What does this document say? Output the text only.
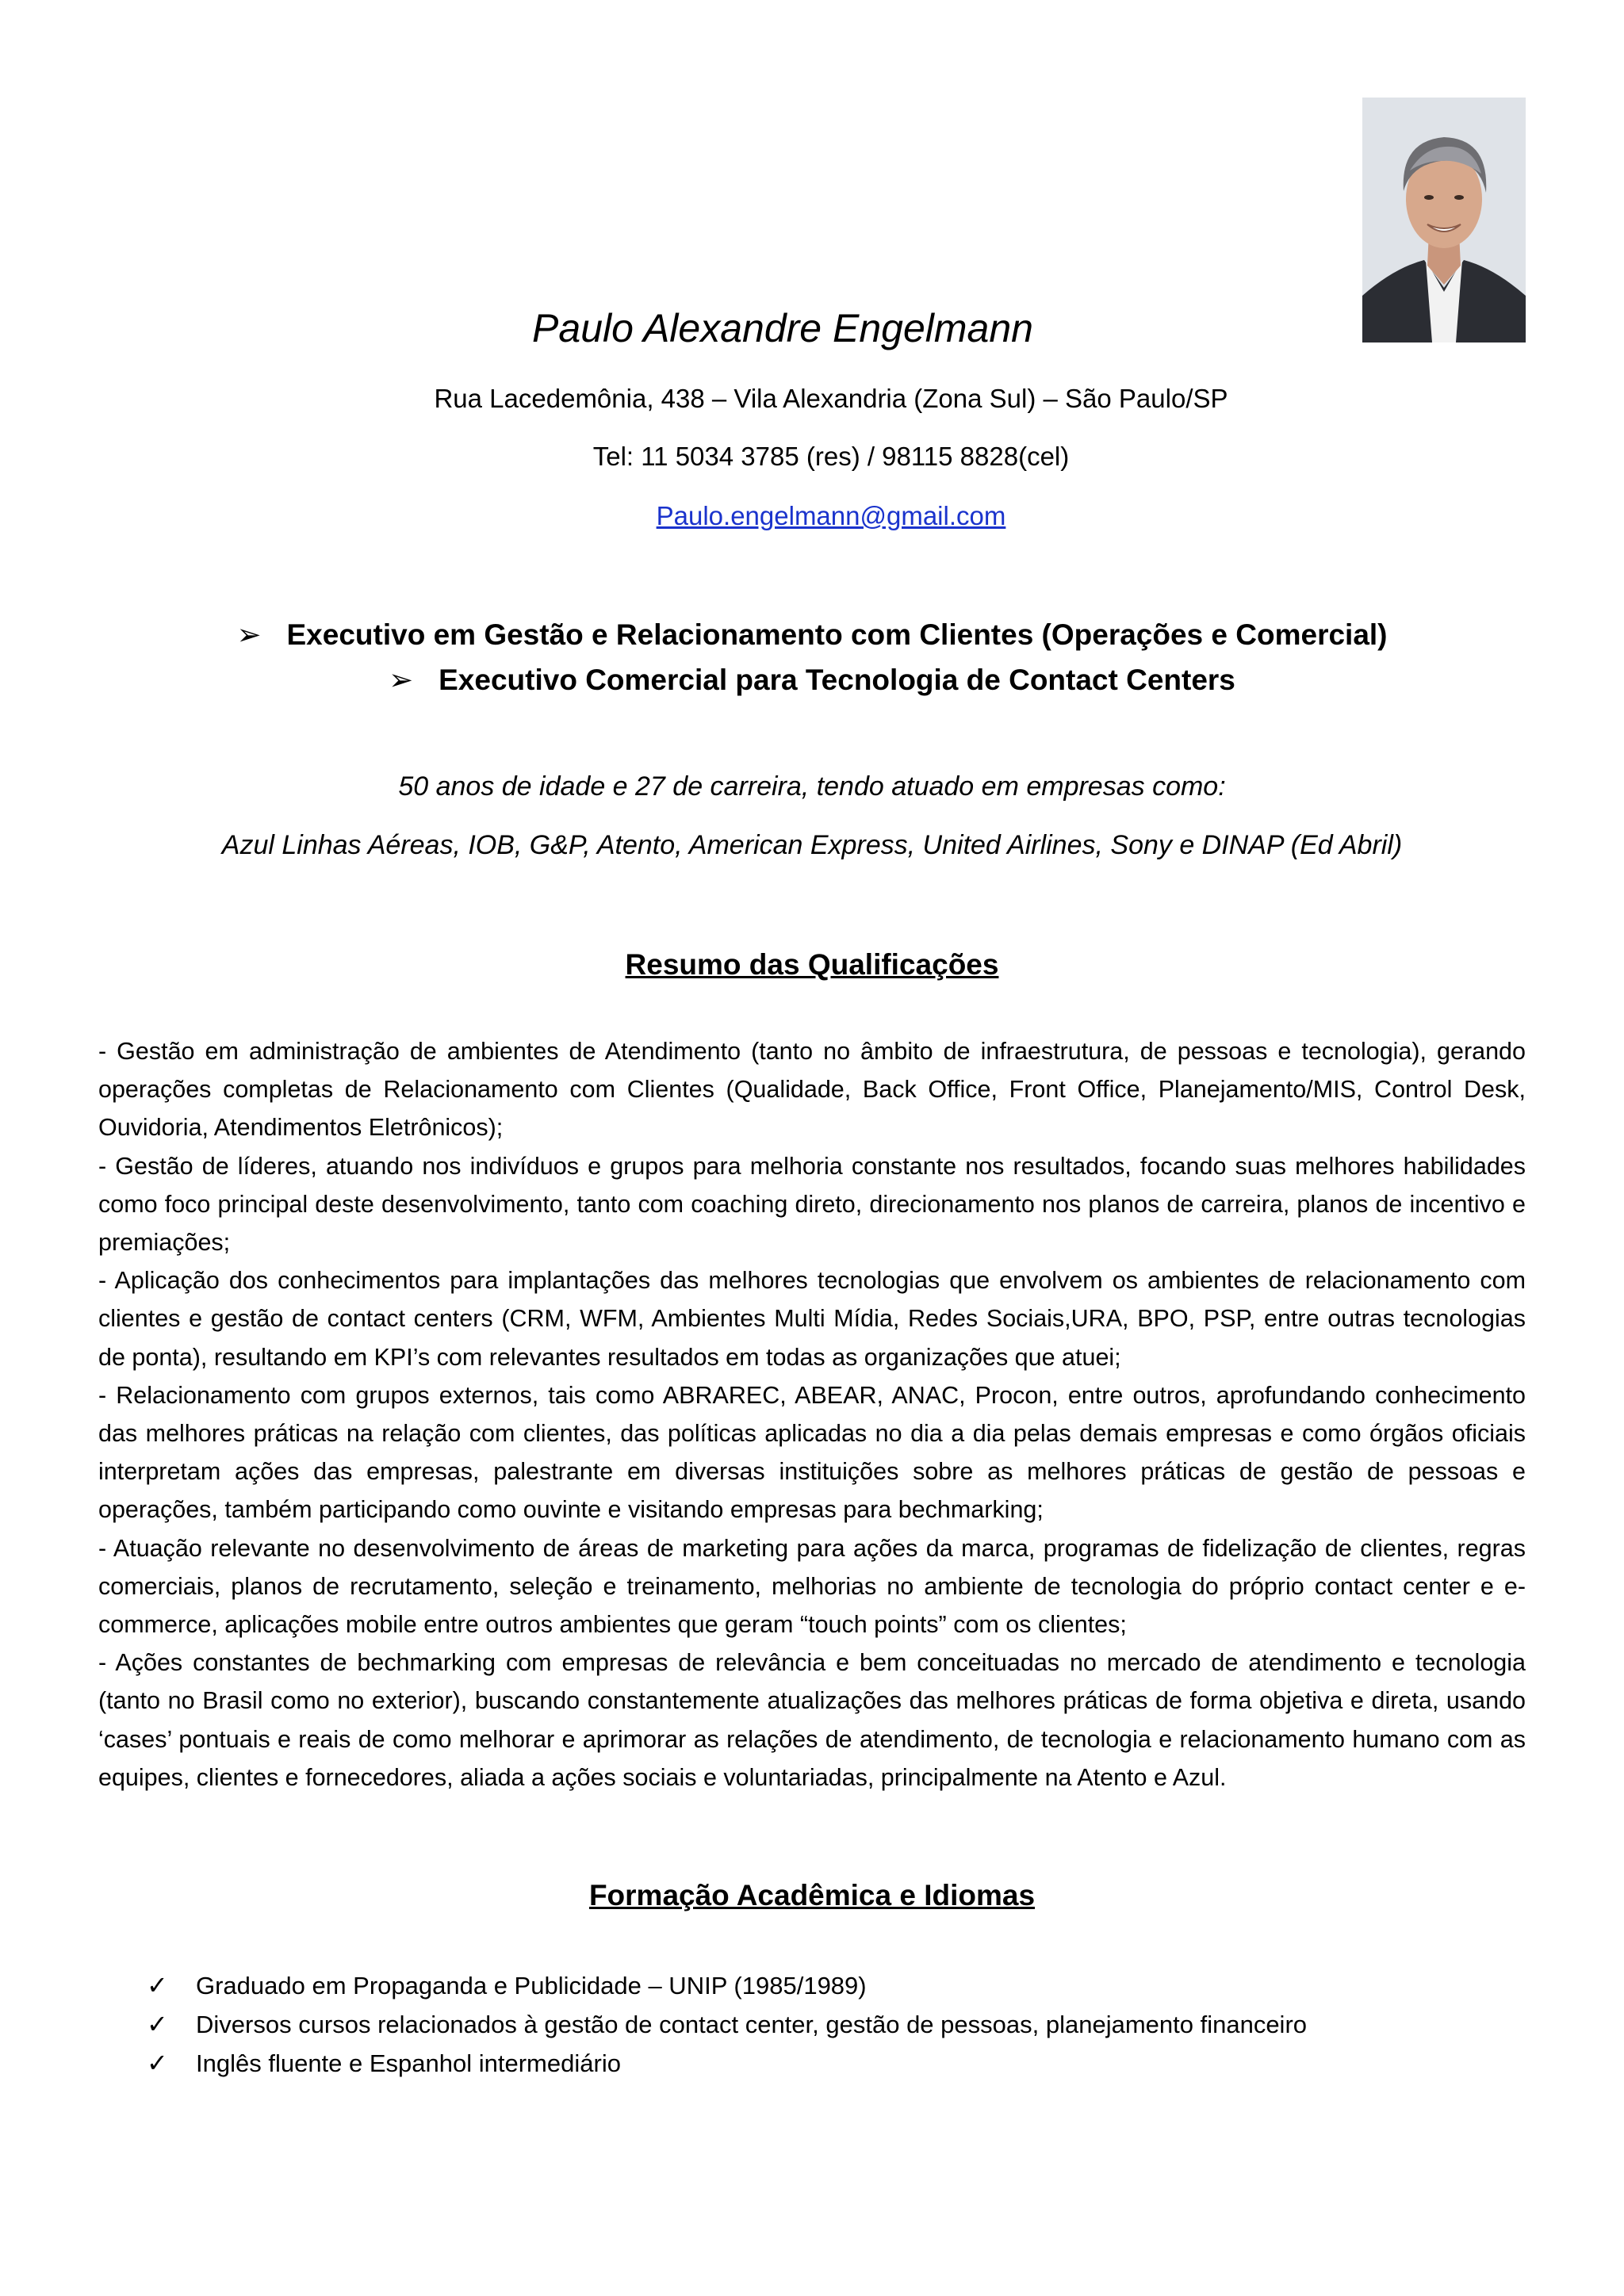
Paulo Alexandre Engelmann
Rua Lacedemônia, 438 – Vila Alexandria (Zona Sul) – São Paulo/SP
Tel: 11 5034 3785 (res) / 98115 8828(cel)
Paulo.engelmann@gmail.com
➢ Executivo em Gestão e Relacionamento com Clientes (Operações e Comercial)
➢ Executivo Comercial para Tecnologia de Contact Centers
50 anos de idade e 27 de carreira, tendo atuado em empresas como:
Azul Linhas Aéreas, IOB, G&P, Atento, American Express, United Airlines, Sony e DINAP (Ed Abril)
Resumo das Qualificações

- Gestão em administração de ambientes de Atendimento (tanto no âmbito de infraestrutura, de pessoas e tecnologia), gerando operações completas de Relacionamento com Clientes (Qualidade, Back Office, Front Office, Planejamento/MIS, Control Desk, Ouvidoria, Atendimentos Eletrônicos);

- Gestão de líderes, atuando nos indivíduos e grupos para melhoria constante nos resultados, focando suas melhores habilidades como foco principal deste desenvolvimento, tanto com coaching direto, direcionamento nos planos de carreira, planos de incentivo e premiações;

- Aplicação dos conhecimentos para implantações das melhores tecnologias que envolvem os ambientes de relacionamento com clientes e gestão de contact centers (CRM, WFM, Ambientes Multi Mídia, Redes Sociais,URA, BPO, PSP, entre outras tecnologias de ponta), resultando em KPI’s com relevantes resultados em todas as organizações que atuei;

- Relacionamento com grupos externos, tais como ABRAREC, ABEAR, ANAC, Procon, entre outros, aprofundando conhecimento das melhores práticas na relação com clientes, das políticas aplicadas no dia a dia pelas demais empresas e como órgãos oficiais interpretam ações das empresas, palestrante em diversas instituições sobre as melhores práticas de gestão de pessoas e operações, também participando como ouvinte e visitando empresas para bechmarking;

- Atuação relevante no desenvolvimento de áreas de marketing para ações da marca, programas de fidelização de clientes, regras comerciais, planos de recrutamento, seleção e treinamento, melhorias no ambiente de tecnologia do próprio contact center e e-commerce, aplicações mobile entre outros ambientes que geram “touch points” com os clientes;

- Ações constantes de bechmarking com empresas de relevância e bem conceituadas no mercado de atendimento e tecnologia (tanto no Brasil como no exterior), buscando constantemente atualizações das melhores práticas de forma objetiva e direta, usando ‘cases’ pontuais e reais de como melhorar e aprimorar as relações de atendimento, de tecnologia e relacionamento humano com as equipes, clientes e fornecedores, aliada a ações sociais e voluntariadas, principalmente na Atento e Azul.

Formação Acadêmica e Idiomas
✓ Graduado em Propaganda e Publicidade – UNIP (1985/1989)
✓ Diversos cursos relacionados à gestão de contact center, gestão de pessoas, planejamento financeiro
✓ Inglês fluente e Espanhol intermediário
